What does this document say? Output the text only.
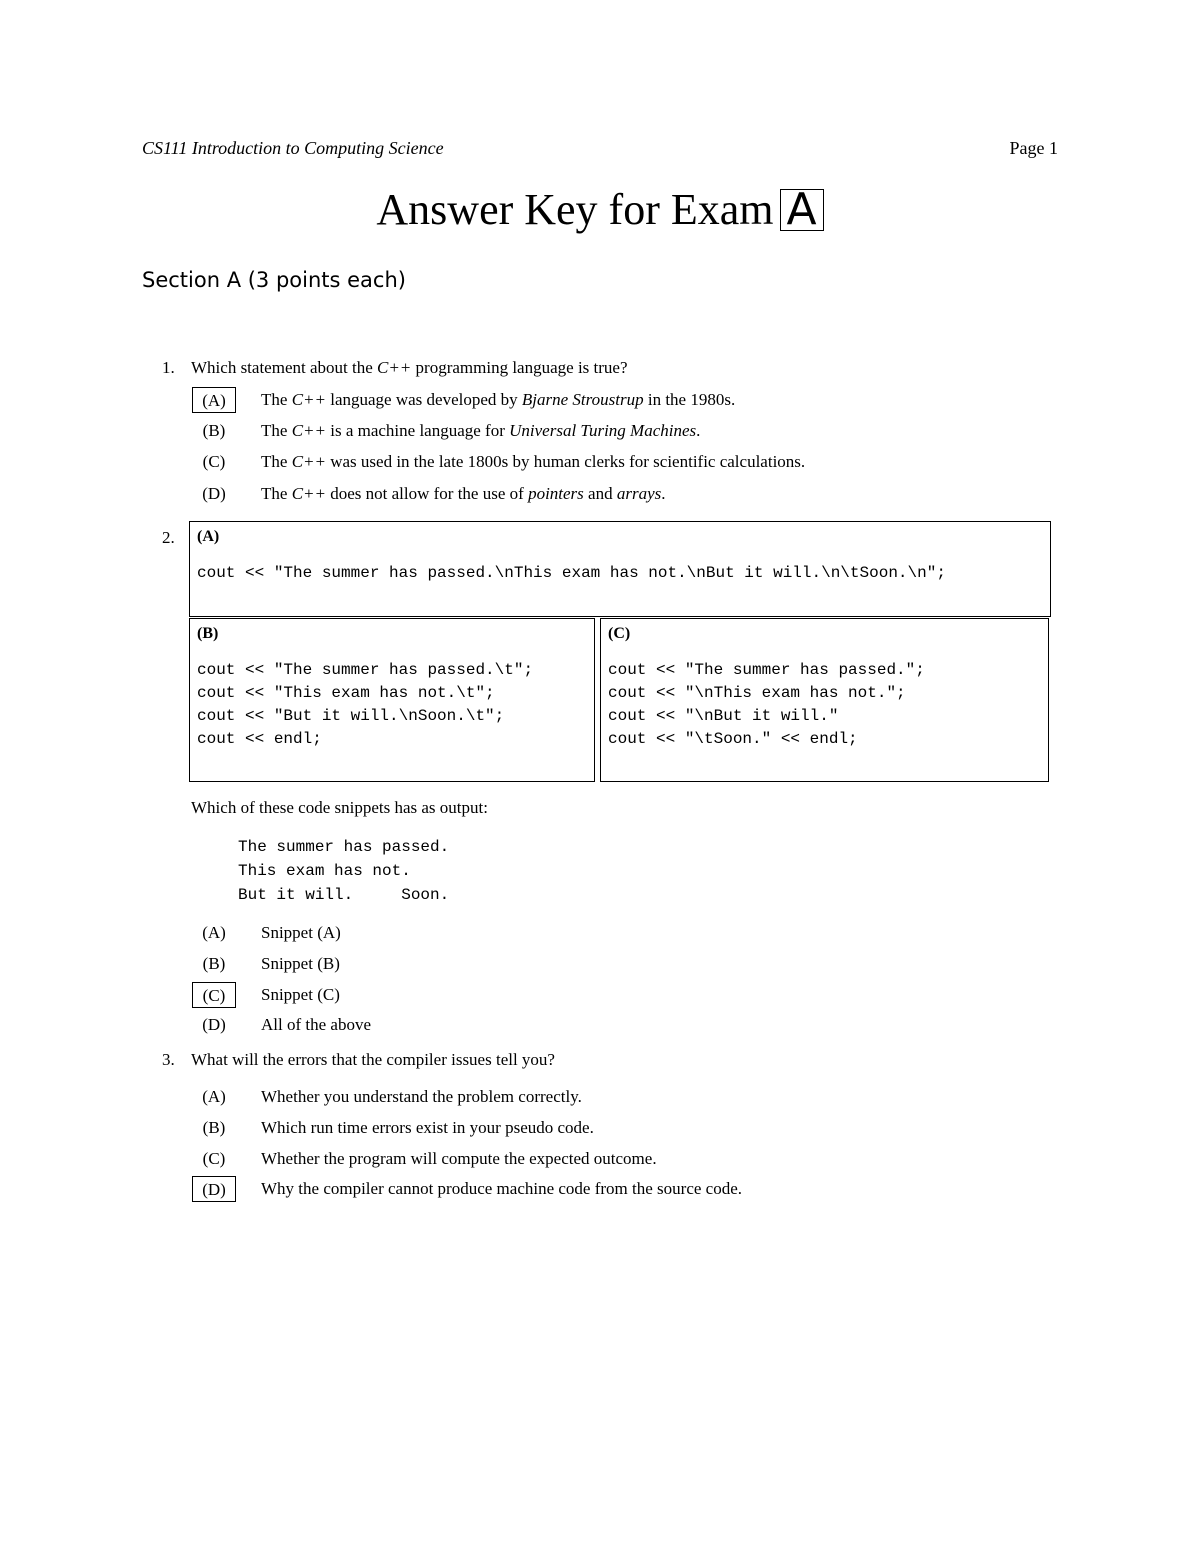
CS111 Introduction to Computing Science	Page 1
Answer Key for Exam A
Section A (3 points each)
1. Which statement about the C++ programming language is true?
(A)	The C++ language was developed by Bjarne Stroustrup in the 1980s.
(B)	The C++ is a machine language for Universal Turing Machines.
(C)	The C++ was used in the late 1800s by human clerks for scientific calculations.
(D)	The C++ does not allow for the use of pointers and arrays.
2. (A)
cout << "The summer has passed.\nThis exam has not.\nBut it will.\n\tSoon.\n";
(B)
cout << "The summer has passed.\t";
cout << "This exam has not.\t";
cout << "But it will.\nSoon.\t";
cout << endl;
(C)
cout << "The summer has passed.";
cout << "\nThis exam has not.";
cout << "\nBut it will."
cout << "\tSoon." << endl;
Which of these code snippets has as output:
The summer has passed.
This exam has not.
But it will.     Soon.
(A)	Snippet (A)
(B)	Snippet (B)
(C)	Snippet (C)
(D)	All of the above
3. What will the errors that the compiler issues tell you?
(A)	Whether you understand the problem correctly.
(B)	Which run time errors exist in your pseudo code.
(C)	Whether the program will compute the expected outcome.
(D)	Why the compiler cannot produce machine code from the source code.
